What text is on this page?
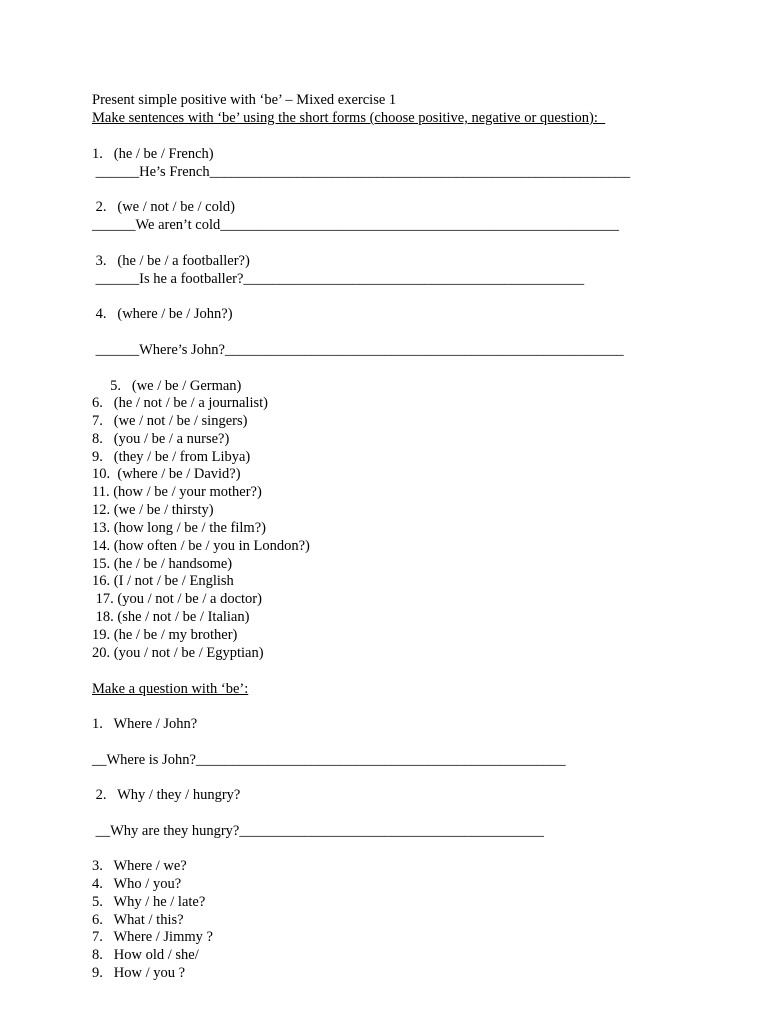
Present simple positive with ‘be’ – Mixed exercise 1
Make sentences with ‘be’ using the short forms (choose positive, negative or question):
1.   (he / be / French)
______He’s French__________________________________________________________
2.   (we / not / be / cold)
______We aren’t cold_______________________________________________________
3.   (he / be / a footballer?)
______Is he a footballer?_______________________________________________
4.   (where / be / John?)
______Where’s John?_______________________________________________________
5.   (we / be / German)
6.   (he / not / be / a journalist)
7.   (we / not / be / singers)
8.   (you / be / a nurse?)
9.   (they / be / from Libya)
10.  (where / be / David?)
11. (how / be / your mother?)
12. (we / be / thirsty)
13. (how long / be / the film?)
14. (how often / be / you in London?)
15. (he / be / handsome)
16. (I / not / be / English
17. (you / not / be / a doctor)
18. (she / not / be / Italian)
19. (he / be / my brother)
20. (you / not / be / Egyptian)
Make a question with ‘be’:
1.   Where / John?
__Where is John?___________________________________________________
2.   Why / they / hungry?
__Why are they hungry?__________________________________________
3.   Where / we?
4.   Who / you?
5.   Why / he / late?
6.   What / this?
7.   Where / Jimmy ?
8.   How old / she/
9.   How / you ?
